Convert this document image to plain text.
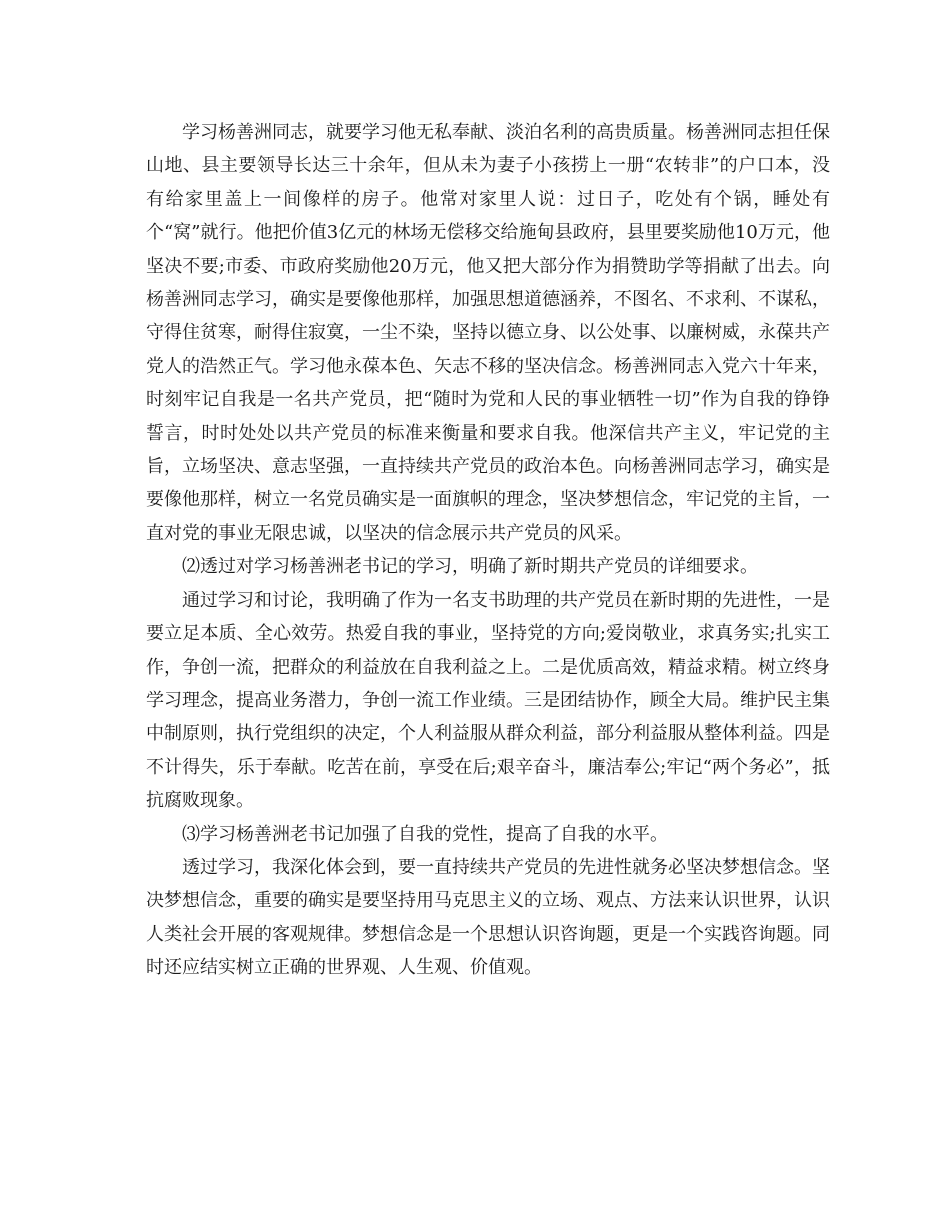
学习杨善洲同志，就要学习他无私奉献、淡泊名利的高贵质量。杨善洲同志担任保山地、县主要领导长达三十余年，但从未为妻子小孩捞上一册“农转非”的户口本，没有给家里盖上一间像样的房子。他常对家里人说：过日子，吃处有个锅，睡处有个“窝”就行。他把价值3亿元的林场无偿移交给施甸县政府，县里要奖励他10万元，他坚决不要;市委、市政府奖励他20万元，他又把大部分作为捐赞助学等捐献了出去。向杨善洲同志学习，确实是要像他那样，加强思想道德涵养，不图名、不求利、不谋私，守得住贫寒，耐得住寂寞，一尘不染，坚持以德立身、以公处事、以廉树威，永葆共产党人的浩然正气。学习他永葆本色、矢志不移的坚决信念。杨善洲同志入党六十年来，时刻牢记自我是一名共产党员，把“随时为党和人民的事业牺牲一切”作为自我的铮铮誓言，时时处处以共产党员的标准来衡量和要求自我。他深信共产主义，牢记党的主旨，立场坚决、意志坚强，一直持续共产党员的政治本色。向杨善洲同志学习，确实是要像他那样，树立一名党员确实是一面旗帜的理念，坚决梦想信念，牢记党的主旨，一直对党的事业无限忠诚，以坚决的信念展示共产党员的风采。

⑵透过对学习杨善洲老书记的学习，明确了新时期共产党员的详细要求。

通过学习和讨论，我明确了作为一名支书助理的共产党员在新时期的先进性，一是要立足本质、全心效劳。热爱自我的事业，坚持党的方向;爱岗敬业，求真务实;扎实工作，争创一流，把群众的利益放在自我利益之上。二是优质高效，精益求精。树立终身学习理念，提高业务潜力，争创一流工作业绩。三是团结协作，顾全大局。维护民主集中制原则，执行党组织的决定，个人利益服从群众利益，部分利益服从整体利益。四是不计得失，乐于奉献。吃苦在前，享受在后;艰辛奋斗，廉洁奉公;牢记“两个务必”，抵抗腐败现象。

⑶学习杨善洲老书记加强了自我的党性，提高了自我的水平。

透过学习，我深化体会到，要一直持续共产党员的先进性就务必坚决梦想信念。坚决梦想信念，重要的确实是要坚持用马克思主义的立场、观点、方法来认识世界，认识人类社会开展的客观规律。梦想信念是一个思想认识咨询题，更是一个实践咨询题。同时还应结实树立正确的世界观、人生观、价值观。
